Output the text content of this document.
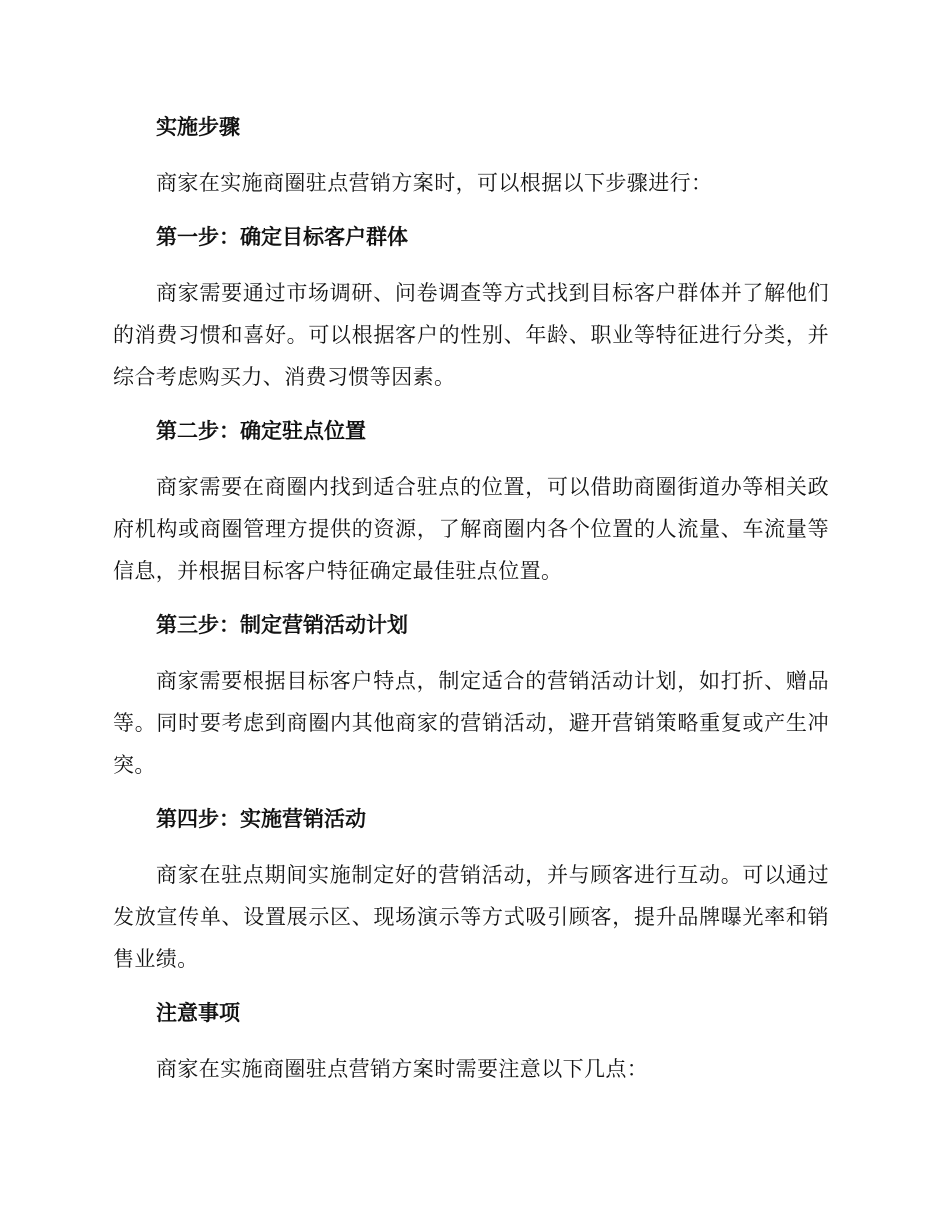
实施步骤

商家在实施商圈驻点营销方案时，可以根据以下步骤进行：

第一步：确定目标客户群体

商家需要通过市场调研、问卷调查等方式找到目标客户群体并了解他们的消费习惯和喜好。可以根据客户的性别、年龄、职业等特征进行分类，并综合考虑购买力、消费习惯等因素。

第二步：确定驻点位置

商家需要在商圈内找到适合驻点的位置，可以借助商圈街道办等相关政府机构或商圈管理方提供的资源，了解商圈内各个位置的人流量、车流量等信息，并根据目标客户特征确定最佳驻点位置。

第三步：制定营销活动计划

商家需要根据目标客户特点，制定适合的营销活动计划，如打折、赠品等。同时要考虑到商圈内其他商家的营销活动，避开营销策略重复或产生冲突。

第四步：实施营销活动

商家在驻点期间实施制定好的营销活动，并与顾客进行互动。可以通过发放宣传单、设置展示区、现场演示等方式吸引顾客，提升品牌曝光率和销售业绩。

注意事项

商家在实施商圈驻点营销方案时需要注意以下几点：
